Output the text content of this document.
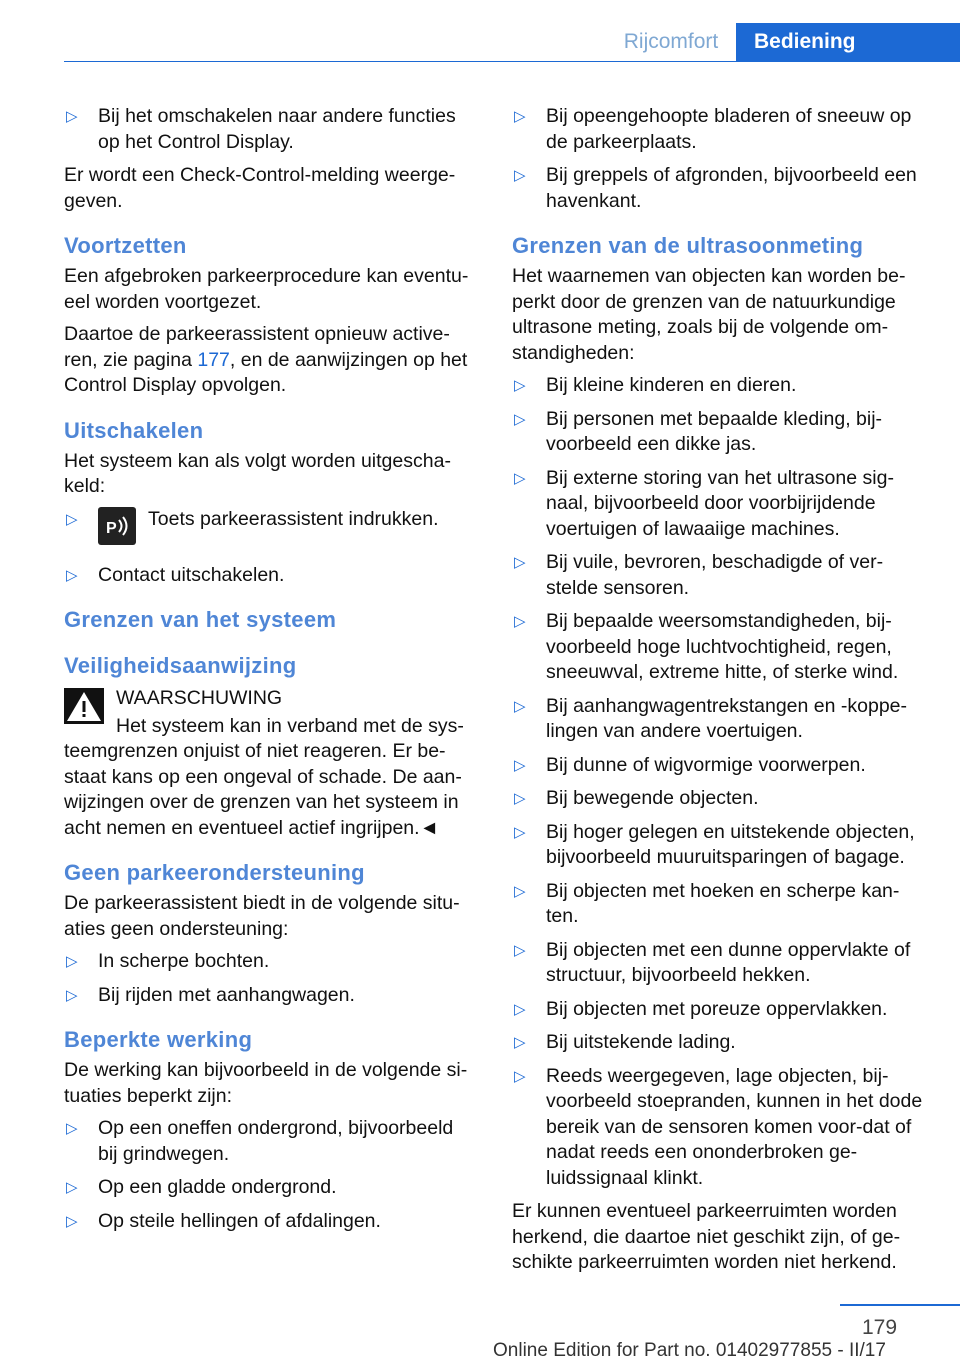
Rijcomfort	Bediening
▷ Bij het omschakelen naar andere functies op het Control Display.

Er wordt een Check-Control-melding weerge-geven.

Voortzetten

Een afgebroken parkeerprocedure kan eventu-eel worden voortgezet.

Daartoe de parkeerassistent opnieuw active-ren, zie pagina 177, en de aanwijzingen op het Control Display opvolgen.

Uitschakelen

Het systeem kan als volgt worden uitgescha-keld:

▷
P Toets parkeerassistent indrukken.
▷ Contact uitschakelen.
Grenzen van het systeem
Veiligheidsaanwijzing
WAARSCHUWING
Het systeem kan in verband met de sys-teemgrenzen onjuist of niet reageren. Er be-staat kans op een ongeval of schade. De aan-wijzingen over de grenzen van het systeem in acht nemen en eventueel actief ingrijpen.◄
Geen parkeerondersteuning

De parkeerassistent biedt in de volgende situ-aties geen ondersteuning:

▷ In scherpe bochten.
▷ Bij rijden met aanhangwagen.
Beperkte werking

De werking kan bijvoorbeeld in de volgende si-tuaties beperkt zijn:

▷ Op een oneffen ondergrond, bijvoorbeeld bij grindwegen.
▷ Op een gladde ondergrond.
▷ Op steile hellingen of afdalingen.
▷ Bij opeengehoopte bladeren of sneeuw op de parkeerplaats.
▷ Bij greppels of afgronden, bijvoorbeeld een havenkant.
Grenzen van de ultrasoonmeting

Het waarnemen van objecten kan worden be-perkt door de grenzen van de natuurkundige ultrasone meting, zoals bij de volgende om-standigheden:

▷ Bij kleine kinderen en dieren.
▷ Bij personen met bepaalde kleding, bij-voorbeeld een dikke jas.
▷ Bij externe storing van het ultrasone sig-naal, bijvoorbeeld door voorbijrijdende voertuigen of lawaaiige machines.
▷ Bij vuile, bevroren, beschadigde of ver-stelde sensoren.
▷ Bij bepaalde weersomstandigheden, bij-voorbeeld hoge luchtvochtigheid, regen, sneeuwval, extreme hitte, of sterke wind.
▷ Bij aanhangwagentrekstangen en -koppe-lingen van andere voertuigen.
▷ Bij dunne of wigvormige voorwerpen.
▷ Bij bewegende objecten.
▷ Bij hoger gelegen en uitstekende objecten, bijvoorbeeld muuruitsparingen of bagage.
▷ Bij objecten met hoeken en scherpe kan-ten.
▷ Bij objecten met een dunne oppervlakte of structuur, bijvoorbeeld hekken.
▷ Bij objecten met poreuze oppervlakken.
▷ Bij uitstekende lading.
▷ Reeds weergegeven, lage objecten, bij-voorbeeld stoepranden, kunnen in het dode bereik van de sensoren komen voor-dat of nadat reeds een ononderbroken ge-luidssignaal klinkt.

Er kunnen eventueel parkeerruimten worden herkend, die daartoe niet geschikt zijn, of ge-schikte parkeerruimten worden niet herkend.

179
Online Edition for Part no. 01402977855 - II/17
